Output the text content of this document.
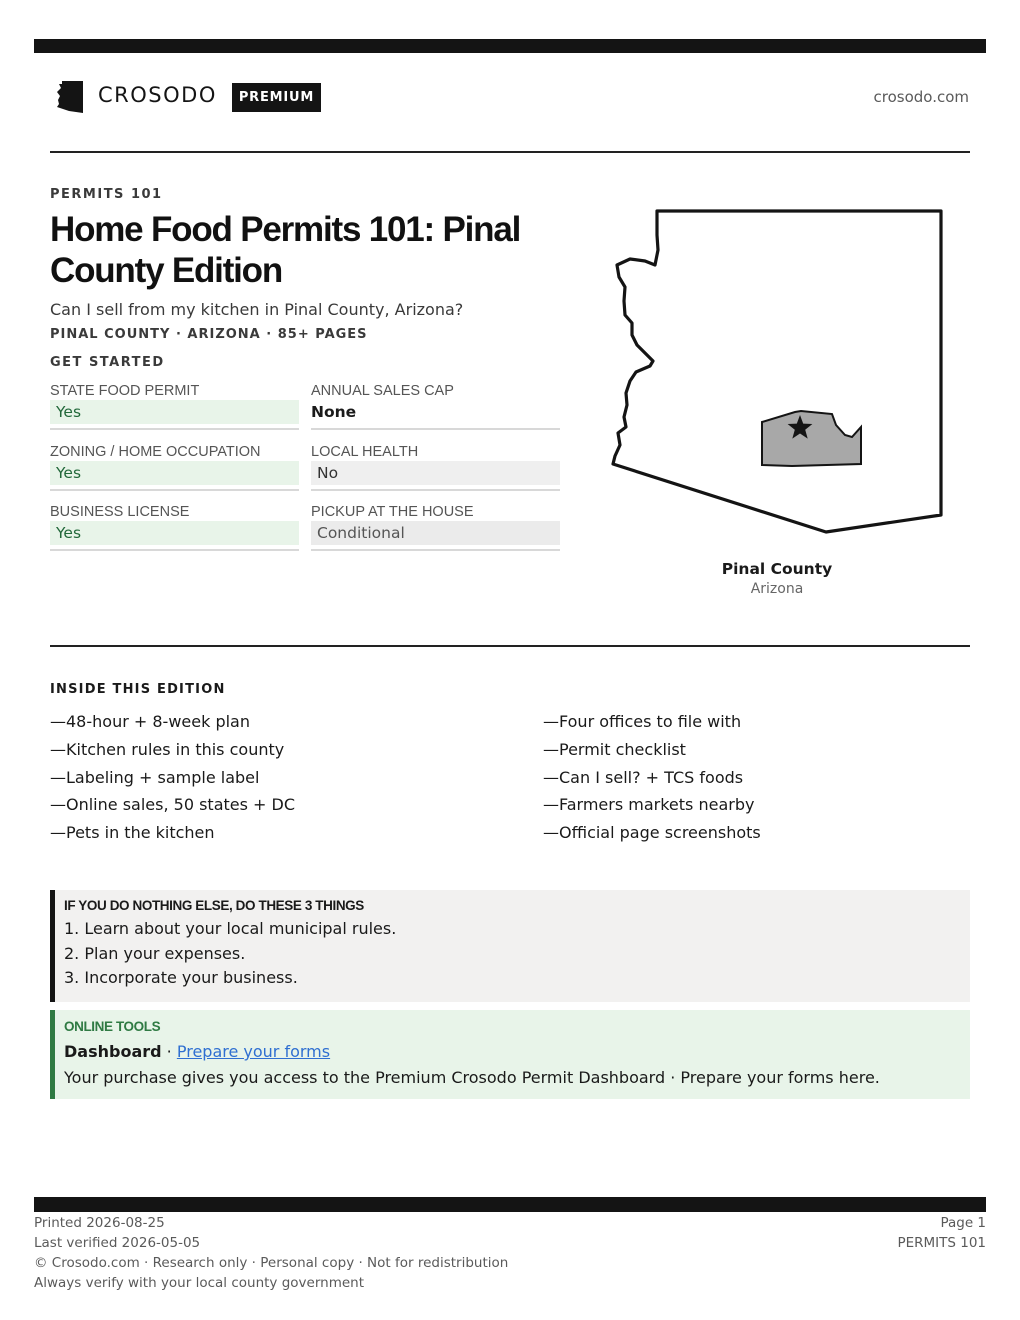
CROSODO	PREMIUM	crosodo.com
PERMITS 101
Home Food Permits 101: Pinal County Edition
Can I sell from my kitchen in Pinal County, Arizona?
PINAL COUNTY · ARIZONA · 85+ PAGES
GET STARTED
STATE FOOD PERMIT
Yes
ANNUAL SALES CAP
None
ZONING / HOME OCCUPATION
Yes
LOCAL HEALTH
No
BUSINESS LICENSE
Yes
PICKUP AT THE HOUSE
Conditional
Pinal County
Arizona
INSIDE THIS EDITION
—48-hour + 8-week plan
—Kitchen rules in this county
—Labeling + sample label
—Online sales, 50 states + DC
—Pets in the kitchen
—Four offices to file with
—Permit checklist
—Can I sell? + TCS foods
—Farmers markets nearby
—Official page screenshots
IF YOU DO NOTHING ELSE, DO THESE 3 THINGS
1. Learn about your local municipal rules.
2. Plan your expenses.
3. Incorporate your business.
ONLINE TOOLS
Dashboard · Prepare your forms
Your purchase gives you access to the Premium Crosodo Permit Dashboard · Prepare your forms here.
Printed 2026-08-25
Last verified 2026-05-05
© Crosodo.com · Research only · Personal copy · Not for redistribution
Always verify with your local county government
Page 1
PERMITS 101
